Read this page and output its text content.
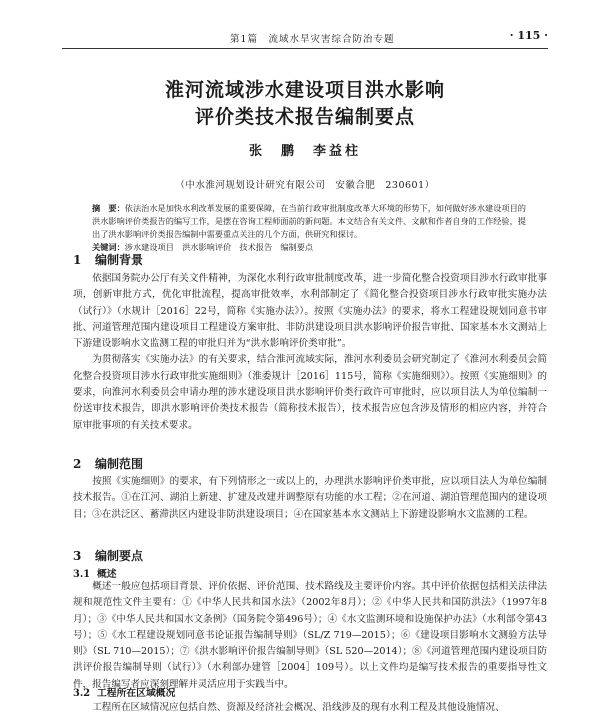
第1篇　流域水旱灾害综合防治专题	· 115 ·
淮河流域涉水建设项目洪水影响
评价类技术报告编制要点
张　鹏　李益柱
（中水淮河规划设计研究有限公司　安徽合肥　230601）
摘　要：依法治水是加快水利改革发展的重要保障，在当前行政审批制度改革大环境的形势下，如何做好涉水建设项目的洪水影响评价类报告的编写工作，是摆在咨询工程师面前的新问题。本文结合有关文件、文献和作者自身的工作经验，提出了洪水影响评价类报告编制中需要重点关注的几个方面，供研究和探讨。
关键词：涉水建设项目　洪水影响评价　技术报告　编制要点
1 编制背景

依据国务院办公厅有关文件精神，为深化水利行政审批制度改革，进一步简化整合投资项目涉水行政审批事项，创新审批方式，优化审批流程，提高审批效率，水利部制定了《简化整合投资项目涉水行政审批实施办法（试行）》（水规计［2016］22号，简称《实施办法》）。按照《实施办法》的要求，将水工程建设规划同意书审批、河道管理范围内建设项目工程建设方案审批、非防洪建设项目洪水影响评价报告审批、国家基本水文测站上下游建设影响水文监测工程的审批归并为“洪水影响评价类审批”。

为贯彻落实《实施办法》的有关要求，结合淮河流域实际，淮河水利委员会研究制定了《淮河水利委员会简化整合投资项目涉水行政审批实施细则》（淮委规计［2016］115号，简称《实施细则》）。按照《实施细则》的要求，向淮河水利委员会申请办理的涉水建设项目洪水影响评价类行政许可审批时，应以项目法人为单位编制一份送审技术报告，即洪水影响评价类技术报告（简称技术报告），技术报告应包含涉及情形的相应内容，并符合原审批事项的有关技术要求。

2 编制范围

按照《实施细则》的要求，有下列情形之一或以上的，办理洪水影响评价类审批，应以项目法人为单位编制技术报告。①在江河、湖泊上新建、扩建及改建并调整原有功能的水工程；②在河道、湖泊管理范围内的建设项目；③在洪泛区、蓄滞洪区内建设非防洪建设项目；④在国家基本水文测站上下游建设影响水文监测的工程。

3 编制要点
3.1 概述

概述一般应包括项目背景、评价依据、评价范围、技术路线及主要评价内容。其中评价依据包括相关法律法规和规范性文件主要有：①《中华人民共和国水法》（2002年8月）；②《中华人民共和国防洪法》（1997年8月）；③《中华人民共和国水文条例》（国务院令第496号）；④《水文监测环境和设施保护办法》（水利部令第43号）；⑤《水工程建设规划同意书论证报告编制导则》（SL/Z 719—2015）；⑥《建设项目影响水文测验方法导则》（SL 710—2015）；⑦《洪水影响评价报告编制导则》（SL 520—2014）；⑧《河道管理范围内建设项目防洪评价报告编制导则（试行）》（水利部办建管［2004］109号）。以上文件均是编写技术报告的重要指导性文件，报告编写者应深刻理解并灵活应用于实践当中。

3.2 工程所在区域概况

工程所在区域情况应包括自然、资源及经济社会概况、沿线涉及的现有水利工程及其他设施情况、
